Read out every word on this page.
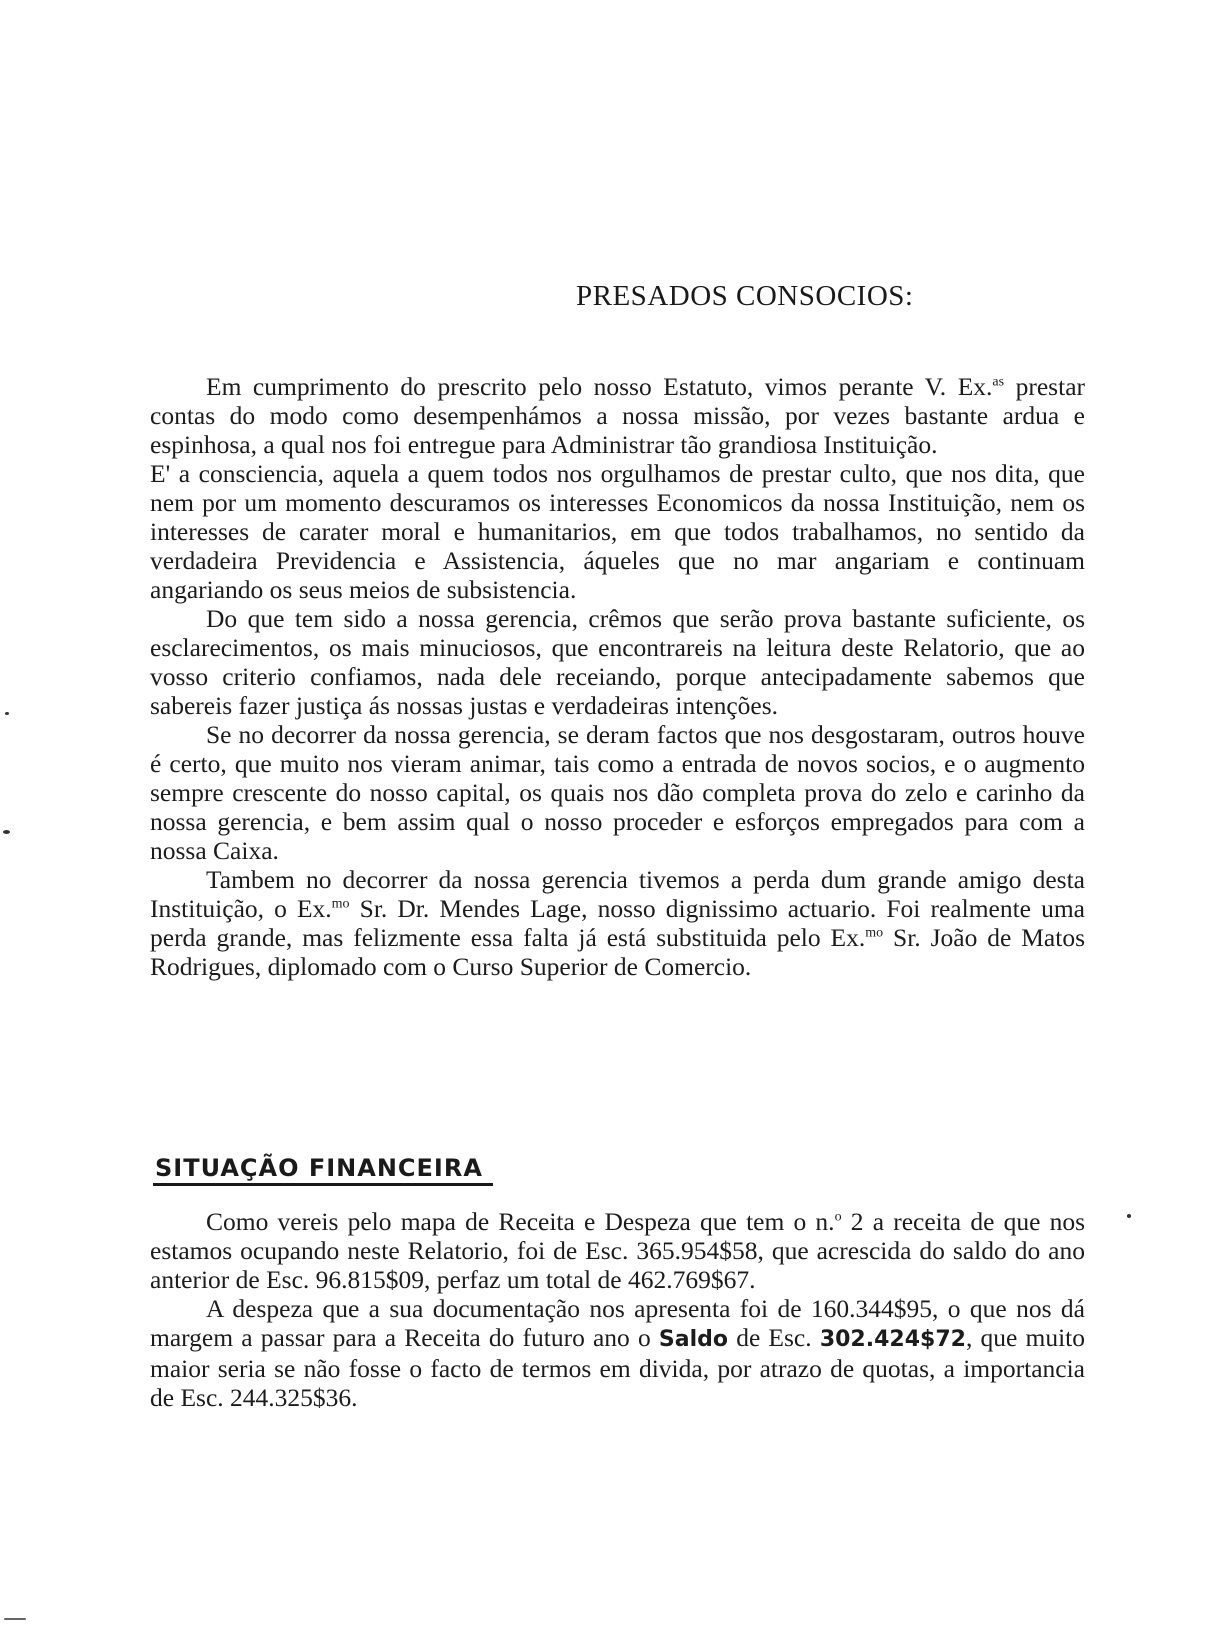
PRESADOS CONSOCIOS:

Em cumprimento do prescrito pelo nosso Estatuto, vimos perante V. Ex.$^{as}$ prestar contas do modo como desempenhámos a nossa missão, por vezes bastante ardua e espinhosa, a qual nos foi entregue para Administrar tão grandiosa Instituição.

E' a consciencia, aquela a quem todos nos orgulhamos de prestar culto, que nos dita, que nem por um momento descuramos os interesses Economicos da nossa Instituição, nem os interesses de carater moral e humanitarios, em que todos trabalhamos, no sentido da verdadeira Previdencia e Assistencia, áqueles que no mar angariam e continuam angariando os seus meios de subsistencia.

Do que tem sido a nossa gerencia, crêmos que serão prova bastante suficiente, os esclarecimentos, os mais minuciosos, que encontrareis na leitura deste Relatorio, que ao vosso criterio confiamos, nada dele receiando, porque antecipadamente sabemos que sabereis fazer justiça ás nossas justas e verdadeiras intenções.

Se no decorrer da nossa gerencia, se deram factos que nos desgostaram, outros houve é certo, que muito nos vieram animar, tais como a entrada de novos socios, e o augmento sempre crescente do nosso capital, os quais nos dão completa prova do zelo e carinho da nossa gerencia, e bem assim qual o nosso proceder e esforços empregados para com a nossa Caixa.

Tambem no decorrer da nossa gerencia tivemos a perda dum grande amigo desta Instituição, o Ex.$^{mo}$ Sr. Dr. Mendes Lage, nosso dignissimo actuario. Foi realmente uma perda grande, mas felizmente essa falta já está substituida pelo Ex.$^{mo}$ Sr. João de Matos Rodrigues, diplomado com o Curso Superior de Comercio.

SITUAÇÃO FINANCEIRA

Como vereis pelo mapa de Receita e Despeza que tem o n.$^o$ 2 a receita de que nos estamos ocupando neste Relatorio, foi de Esc. 365.954$58, que acrescida do saldo do ano anterior de Esc. 96.815$09, perfaz um total de 462.769$67.

A despeza que a sua documentação nos apresenta foi de 160.344$95, o que nos dá margem a passar para a Receita do futuro ano o Saldo de Esc. 302.424$72, que muito maior seria se não fosse o facto de termos em divida, por atrazo de quotas, a importancia de Esc. 244.325$36.
